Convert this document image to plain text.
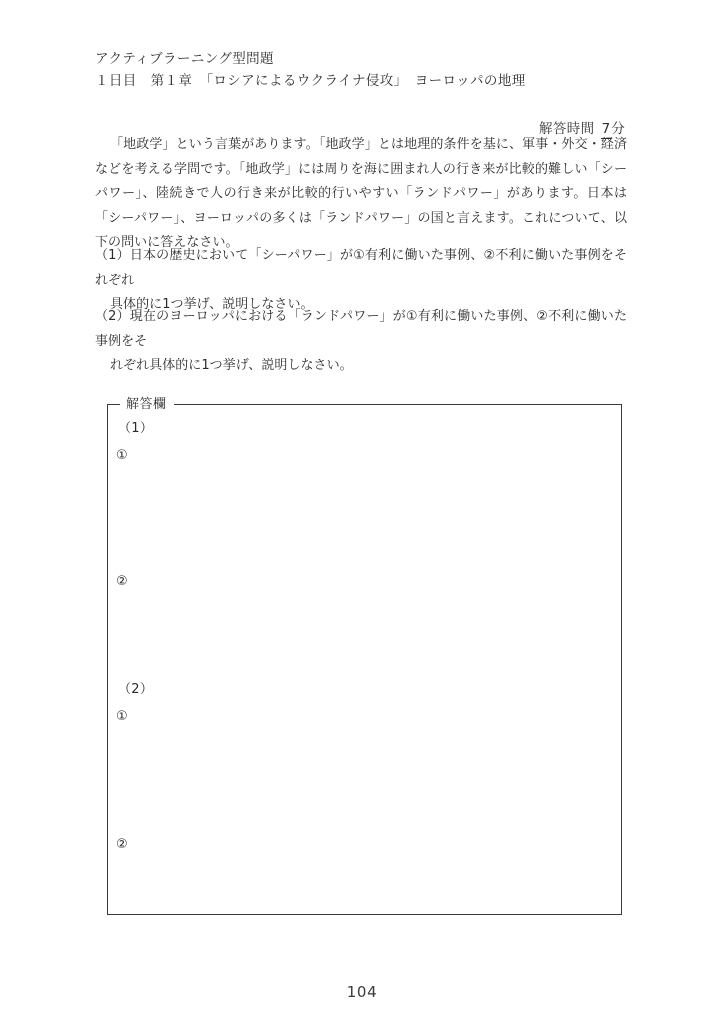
アクティブラーニング型問題
１日目　第１章　「ロシアによるウクライナ侵攻」　ヨーロッパの地理

解答時間 7分

「地政学」という言葉があります。「地政学」とは地理的条件を基に、軍事・外交・経済などを考える学問です。「地政学」には周りを海に囲まれ人の行き来が比較的難しい「シーパワー」、陸続きで人の行き来が比較的行いやすい「ランドパワー」があります。日本は「シーパワー」、ヨーロッパの多くは「ランドパワー」の国と言えます。これについて、以下の問いに答えなさい。
（1）日本の歴史において「シーパワー」が①有利に働いた事例、②不利に働いた事例をそれぞれ
具体的に1つ挙げ、説明しなさい。
（2）現在のヨーロッパにおける「ランドパワー」が①有利に働いた事例、②不利に働いた事例をそ
れぞれ具体的に1つ挙げ、説明しなさい。
解答欄
（1）
①
②
（2）
①
②
104
